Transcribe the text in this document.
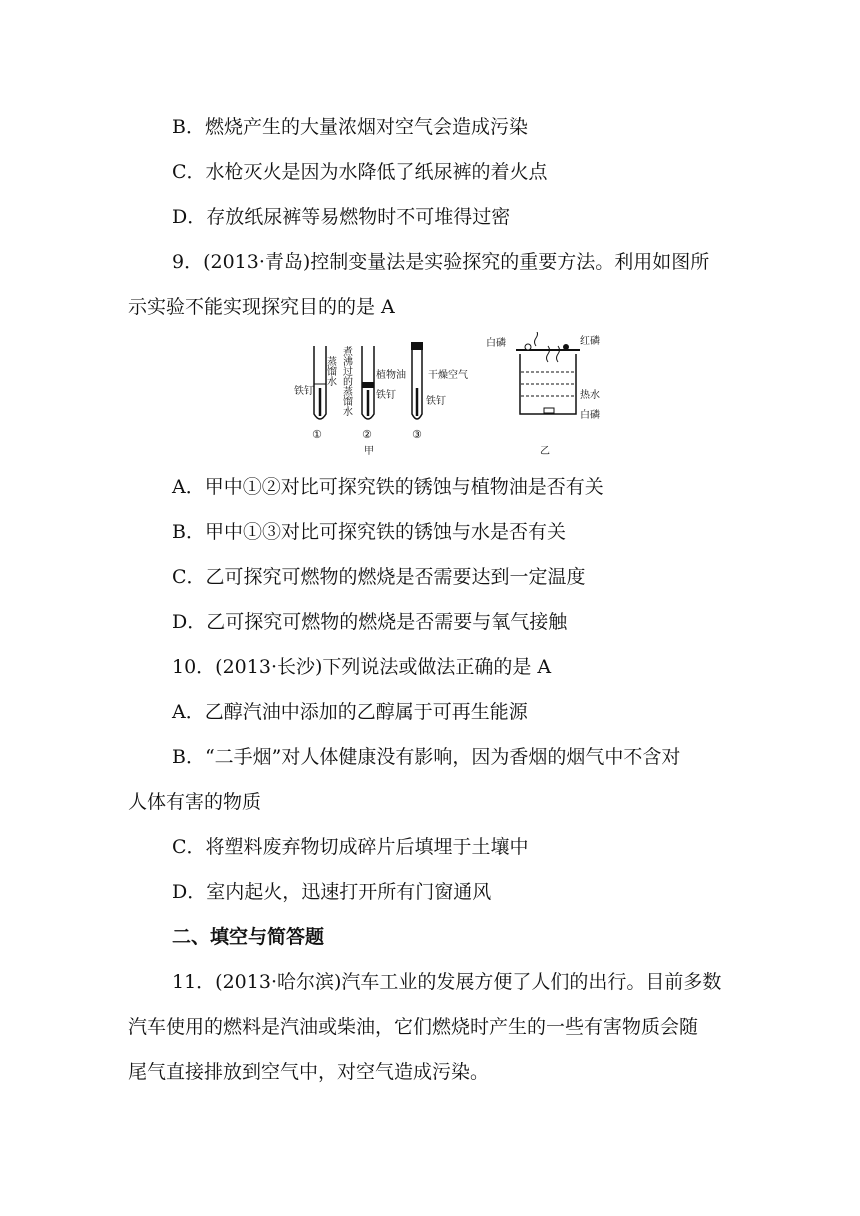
B．燃烧产生的大量浓烟对空气会造成污染
C．水枪灭火是因为水降低了纸尿裤的着火点
D．存放纸尿裤等易燃物时不可堆得过密
9．(2013·青岛)控制变量法是实验探究的重要方法。利用如图所
示实验不能实现探究目的的是 A
铁钉
蒸馏水
①
煮沸过的蒸馏水 植物油
铁钉
②
甲
干燥空气
铁钉
③
白磷	红磷
热水
白磷
乙
A．甲中①②对比可探究铁的锈蚀与植物油是否有关
B．甲中①③对比可探究铁的锈蚀与水是否有关
C．乙可探究可燃物的燃烧是否需要达到一定温度
D．乙可探究可燃物的燃烧是否需要与氧气接触
10．(2013·长沙)下列说法或做法正确的是 A
A．乙醇汽油中添加的乙醇属于可再生能源
B．“二手烟”对人体健康没有影响，因为香烟的烟气中不含对
人体有害的物质
C．将塑料废弃物切成碎片后填埋于土壤中
D．室内起火，迅速打开所有门窗通风
二、填空与简答题
11．(2013·哈尔滨)汽车工业的发展方便了人们的出行。目前多数
汽车使用的燃料是汽油或柴油，它们燃烧时产生的一些有害物质会随
尾气直接排放到空气中，对空气造成污染。
